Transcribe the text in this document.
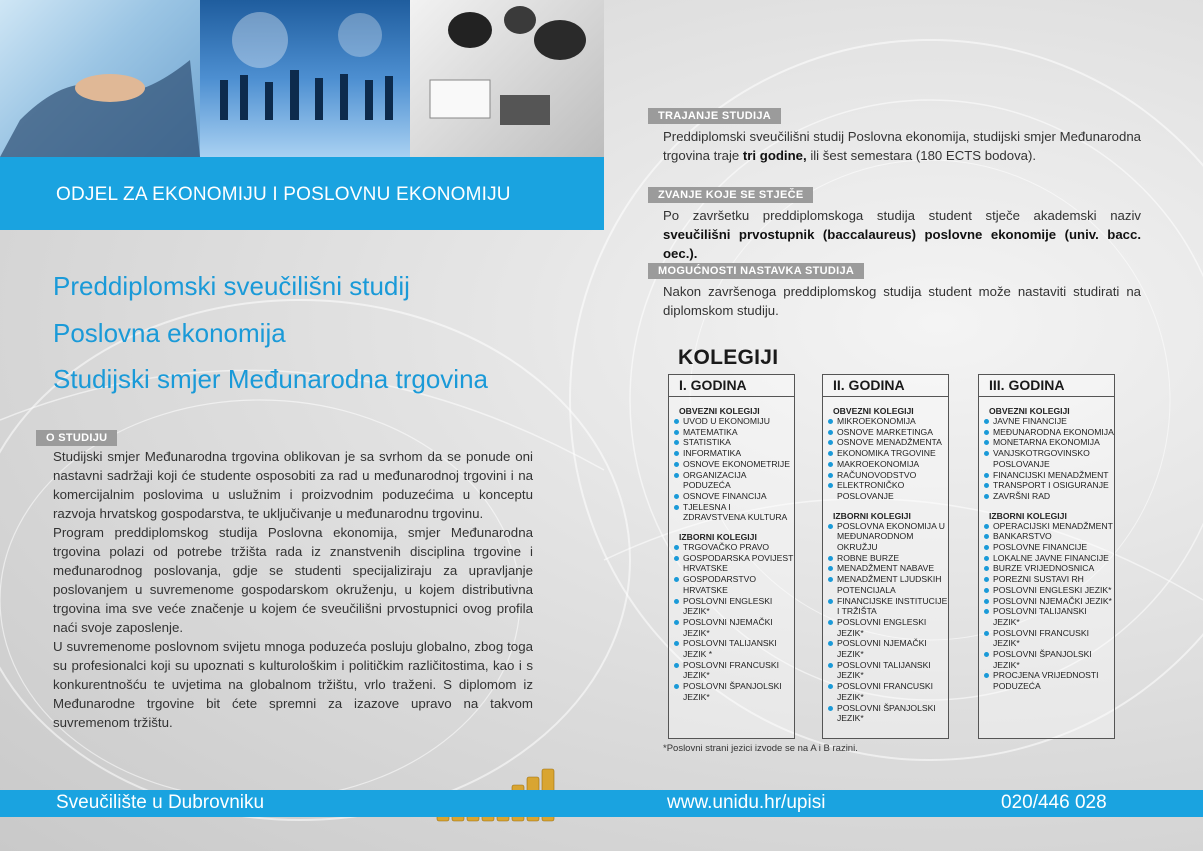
ODJEL ZA EKONOMIJU I POSLOVNU EKONOMIJU
Preddiplomski sveučilišni studij
Poslovna ekonomija
Studijski smjer Međunarodna trgovina
O STUDIJU

Studijski smjer Međunarodna trgovina oblikovan je sa svrhom da se ponude oni nastavni sadržaji koji će studente osposobiti za rad u međunarodnoj trgovini i na komercijalnim poslovima u uslužnim i proizvodnim poduzećima u konceptu razvoja hrvatskog gospodarstva, te uključivanje u međunarodnu trgovinu.

Program preddiplomskog studija Poslovna ekonomija, smjer Međunarodna trgovina polazi od potrebe tržišta rada iz znanstvenih disciplina trgovine i međunarodnog poslovanja, gdje se studenti specijaliziraju za upravljanje poslovanjem u suvremenome gospodarskom okruženju, u kojem distributivna trgovina ima sve veće značenje u kojem će sveučilišni prvostupnici ovog profila naći svoje zaposlenje.

U suvremenome poslovnom svijetu mnoga poduzeća posluju globalno, zbog toga su profesionalci koji su upoznati s kulturološkim i političkim različitostima, kao i s konkurentnošću te uvjetima na globalnom tržištu, vrlo traženi. S diplomom iz Međunarodne trgovine bit ćete spremni za izazove upravo na takvom suvremenom tržištu.

TRAJANJE STUDIJA
Preddiplomski sveučilišni studij Poslovna ekonomija, studijski smjer Međunarodna trgovina traje tri godine, ili šest semestara (180 ECTS bodova).
ZVANJE KOJE SE STJEČE
Po završetku preddiplomskoga studija student stječe akademski naziv sveučilišni prvostupnik (baccalaureus) poslovne ekonomije (univ. bacc. oec.).
MOGUĆNOSTI NASTAVKA STUDIJA
Nakon završenoga preddiplomskog studija student može nastaviti studirati na diplomskom studiju.
KOLEGIJI
I. GODINA
OBVEZNI KOLEGIJI
UVOD U EKONOMIJU
MATEMATIKA
STATISTIKA
INFORMATIKA
OSNOVE EKONOMETRIJE
ORGANIZACIJA PODUZEĆA
OSNOVE FINANCIJA
TJELESNA I ZDRAVSTVENA KULTURA
IZBORNI KOLEGIJI
TRGOVAČKO PRAVO
GOSPODARSKA POVIJEST HRVATSKE
GOSPODARSTVO HRVATSKE
POSLOVNI ENGLESKI JEZIK*
POSLOVNI NJEMAČKI JEZIK*
POSLOVNI TALIJANSKI JEZIK *
POSLOVNI FRANCUSKI JEZIK*
POSLOVNI ŠPANJOLSKI JEZIK*
II. GODINA
OBVEZNI KOLEGIJI
MIKROEKONOMIJA
OSNOVE MARKETINGA
OSNOVE MENADŽMENTA
EKONOMIKA TRGOVINE
MAKROEKONOMIJA
RAČUNOVODSTVO
ELEKTRONIČKO POSLOVANJE
IZBORNI KOLEGIJI
POSLOVNA EKONOMIJA U MEĐUNARODNOM OKRUŽJU
ROBNE BURZE
MENADŽMENT NABAVE
MENADŽMENT LJUDSKIH POTENCIJALA
FINANCIJSKE INSTITUCIJE I TRŽIŠTA
POSLOVNI ENGLESKI JEZIK*
POSLOVNI NJEMAČKI JEZIK*
POSLOVNI TALIJANSKI JEZIK*
POSLOVNI FRANCUSKI JEZIK*
POSLOVNI ŠPANJOLSKI JEZIK*
III. GODINA
OBVEZNI KOLEGIJI
JAVNE FINANCIJE
MEĐUNARODNA EKONOMIJA
MONETARNA EKONOMIJA
VANJSKOTRGOVINSKO POSLOVANJE
FINANCIJSKI MENADŽMENT
TRANSPORT I OSIGURANJE
ZAVRŠNI RAD
IZBORNI KOLEGIJI
OPERACIJSKI MENADŽMENT
BANKARSTVO
POSLOVNE FINANCIJE
LOKALNE JAVNE FINANCIJE
BURZE VRIJEDNOSNICA
POREZNI SUSTAVI RH
POSLOVNI ENGLESKI JEZIK*
POSLOVNI NJEMAČKI JEZIK*
POSLOVNI TALIJANSKI JEZIK*
POSLOVNI FRANCUSKI JEZIK*
POSLOVNI ŠPANJOLSKI JEZIK*
PROCJENA VRIJEDNOSTI PODUZEĆA
*Poslovni strani jezici izvode se na A i B razini.
Sveučilište u Dubrovniku	www.unidu.hr/upisi	020/446 028
